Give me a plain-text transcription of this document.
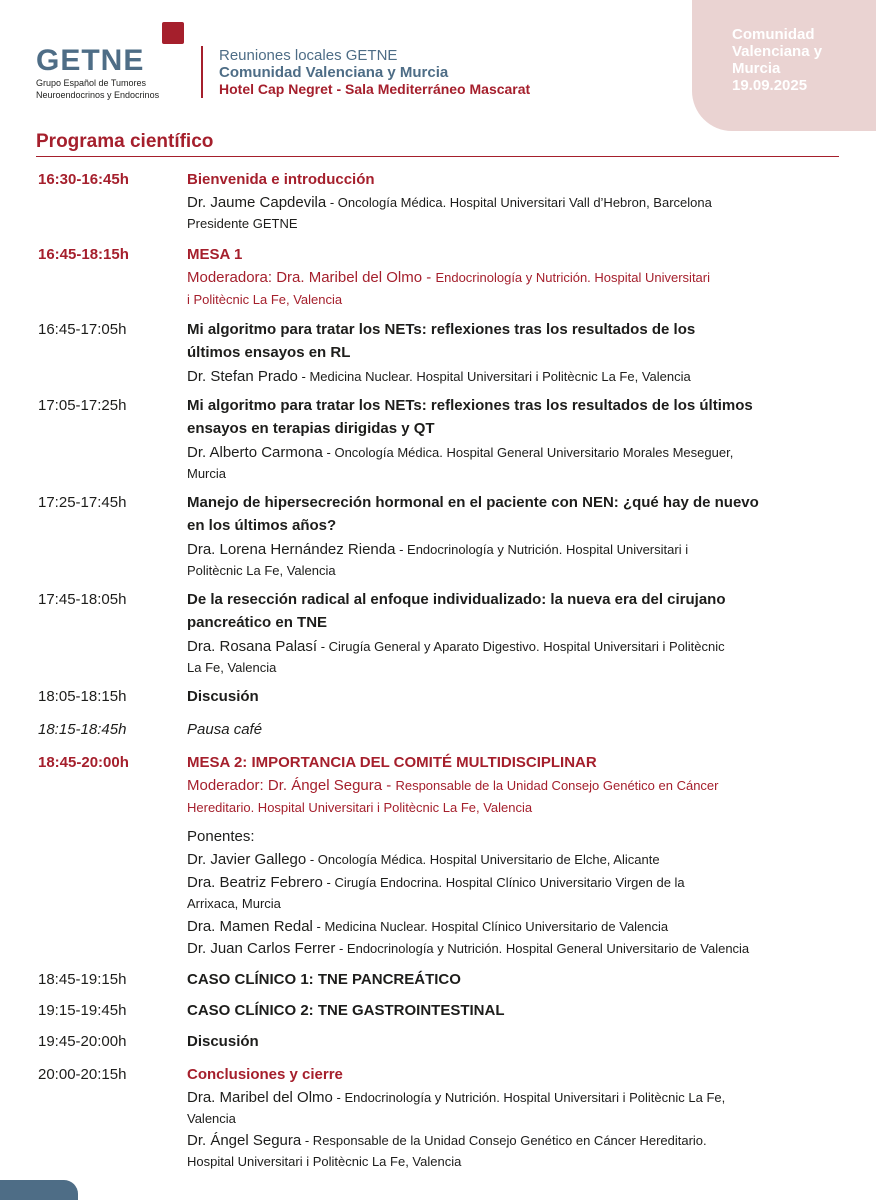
GETNE
Grupo Español de Tumores
Neuroendocrinos y Endocrinos
Reuniones locales GETNE
Comunidad Valenciana y Murcia
Hotel Cap Negret - Sala Mediterráneo Mascarat
Comunidad
Valenciana y
Murcia
19.09.2025
Programa científico
16:30-16:45h	Bienvenida e introducción
Dr. Jaume Capdevila - Oncología Médica. Hospital Universitari Vall d’Hebron, Barcelona
Presidente GETNE
16:45-18:15h	MESA 1
Moderadora: Dra. Maribel del Olmo - Endocrinología y Nutrición. Hospital Universitari
i Politècnic La Fe, Valencia
16:45-17:05h	Mi algoritmo para tratar los NETs: reflexiones tras los resultados de los
últimos ensayos en RL
Dr. Stefan Prado - Medicina Nuclear. Hospital Universitari i Politècnic La Fe, Valencia
17:05-17:25h	Mi algoritmo para tratar los NETs: reflexiones tras los resultados de los últimos
ensayos en terapias dirigidas y QT
Dr. Alberto Carmona - Oncología Médica. Hospital General Universitario Morales Meseguer,
Murcia
17:25-17:45h	Manejo de hipersecreción hormonal en el paciente con NEN: ¿qué hay de nuevo
en los últimos años?
Dra. Lorena Hernández Rienda - Endocrinología y Nutrición. Hospital Universitari i
Politècnic La Fe, Valencia
17:45-18:05h	De la resección radical al enfoque individualizado: la nueva era del cirujano
pancreático en TNE
Dra. Rosana Palasí - Cirugía General y Aparato Digestivo. Hospital Universitari i Politècnic
La Fe, Valencia
18:05-18:15h	Discusión
18:15-18:45h	Pausa café
18:45-20:00h	MESA 2: IMPORTANCIA DEL COMITÉ MULTIDISCIPLINAR
Moderador: Dr. Ángel Segura - Responsable de la Unidad Consejo Genético en Cáncer
Hereditario. Hospital Universitari i Politècnic La Fe, Valencia
Ponentes:
Dr. Javier Gallego - Oncología Médica. Hospital Universitario de Elche, Alicante
Dra. Beatriz Febrero - Cirugía Endocrina. Hospital Clínico Universitario Virgen de la
Arrixaca, Murcia
Dra. Mamen Redal - Medicina Nuclear. Hospital Clínico Universitario de Valencia
Dr. Juan Carlos Ferrer - Endocrinología y Nutrición. Hospital General Universitario de Valencia
18:45-19:15h	CASO CLÍNICO 1: TNE PANCREÁTICO
19:15-19:45h	CASO CLÍNICO 2: TNE GASTROINTESTINAL
19:45-20:00h	Discusión
20:00-20:15h	Conclusiones y cierre
Dra. Maribel del Olmo - Endocrinología y Nutrición. Hospital Universitari i Politècnic La Fe,
Valencia
Dr. Ángel Segura - Responsable de la Unidad Consejo Genético en Cáncer Hereditario.
Hospital Universitari i Politècnic La Fe, Valencia
